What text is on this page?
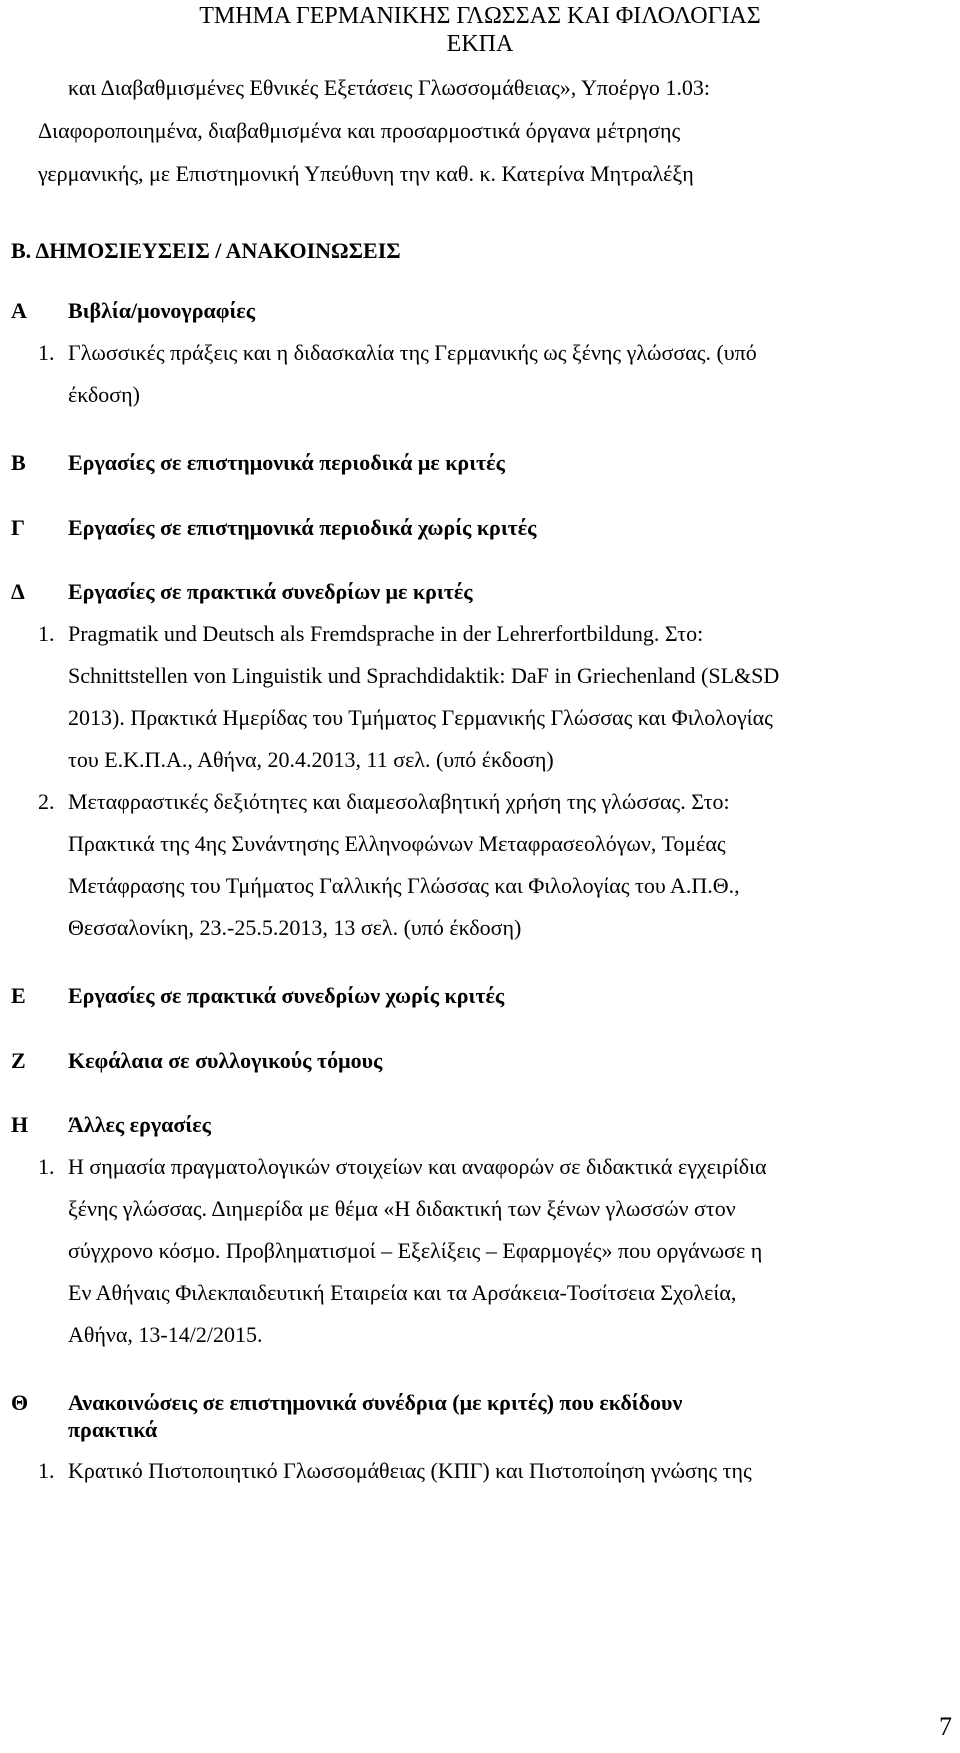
ΤΜΗΜΑ ΓΕΡΜΑΝΙΚΗΣ ΓΛΩΣΣΑΣ ΚΑΙ ΦΙΛΟΛΟΓΙΑΣ
ΕΚΠΑ
και Διαβαθμισμένες Εθνικές Εξετάσεις Γλωσσομάθειας», Υποέργο 1.03:
Διαφοροποιημένα, διαβαθμισμένα και προσαρμοστικά όργανα μέτρησης
γερμανικής, με Επιστημονική Υπεύθυνη την καθ. κ. Κατερίνα Μητραλέξη
Β. ΔΗΜΟΣΙΕΥΣΕΙΣ / ΑΝΑΚΟΙΝΩΣΕΙΣ
Α Βιβλία/μονογραφίες
1. Γλωσσικές πράξεις και η διδασκαλία της Γερμανικής ως ξένης γλώσσας. (υπό
έκδοση)
Β Εργασίες σε επιστημονικά περιοδικά με κριτές
Γ Εργασίες σε επιστημονικά περιοδικά χωρίς κριτές
Δ Εργασίες σε πρακτικά συνεδρίων με κριτές
1. Pragmatik und Deutsch als Fremdsprache in der Lehrerfortbildung. Στο:
Schnittstellen von Linguistik und Sprachdidaktik: DaF in Griechenland (SL&SD
2013). Πρακτικά Ημερίδας του Τμήματος Γερμανικής Γλώσσας και Φιλολογίας
του Ε.Κ.Π.Α., Αθήνα, 20.4.2013, 11 σελ. (υπό έκδοση)
2. Μεταφραστικές δεξιότητες και διαμεσολαβητική χρήση της γλώσσας. Στο:
Πρακτικά της 4ης Συνάντησης Ελληνοφώνων Μεταφρασεολόγων, Τομέας
Μετάφρασης του Τμήματος Γαλλικής Γλώσσας και Φιλολογίας του Α.Π.Θ.,
Θεσσαλονίκη, 23.-25.5.2013, 13 σελ. (υπό έκδοση)
Ε Εργασίες σε πρακτικά συνεδρίων χωρίς κριτές
Ζ Κεφάλαια σε συλλογικούς τόμους
Η Άλλες εργασίες
1. Η σημασία πραγματολογικών στοιχείων και αναφορών σε διδακτικά εγχειρίδια
ξένης γλώσσας. Διημερίδα με θέμα «Η διδακτική των ξένων γλωσσών στον
σύγχρονο κόσμο. Προβληματισμοί – Εξελίξεις – Εφαρμογές» που οργάνωσε η
Εν Αθήναις Φιλεκπαιδευτική Εταιρεία και τα Αρσάκεια-Τοσίτσεια Σχολεία,
Αθήνα, 13-14/2/2015.
Θ Ανακοινώσεις σε επιστημονικά συνέδρια (με κριτές) που εκδίδουν
πρακτικά
1. Κρατικό Πιστοποιητικό Γλωσσομάθειας (ΚΠΓ) και Πιστοποίηση γνώσης της
7
